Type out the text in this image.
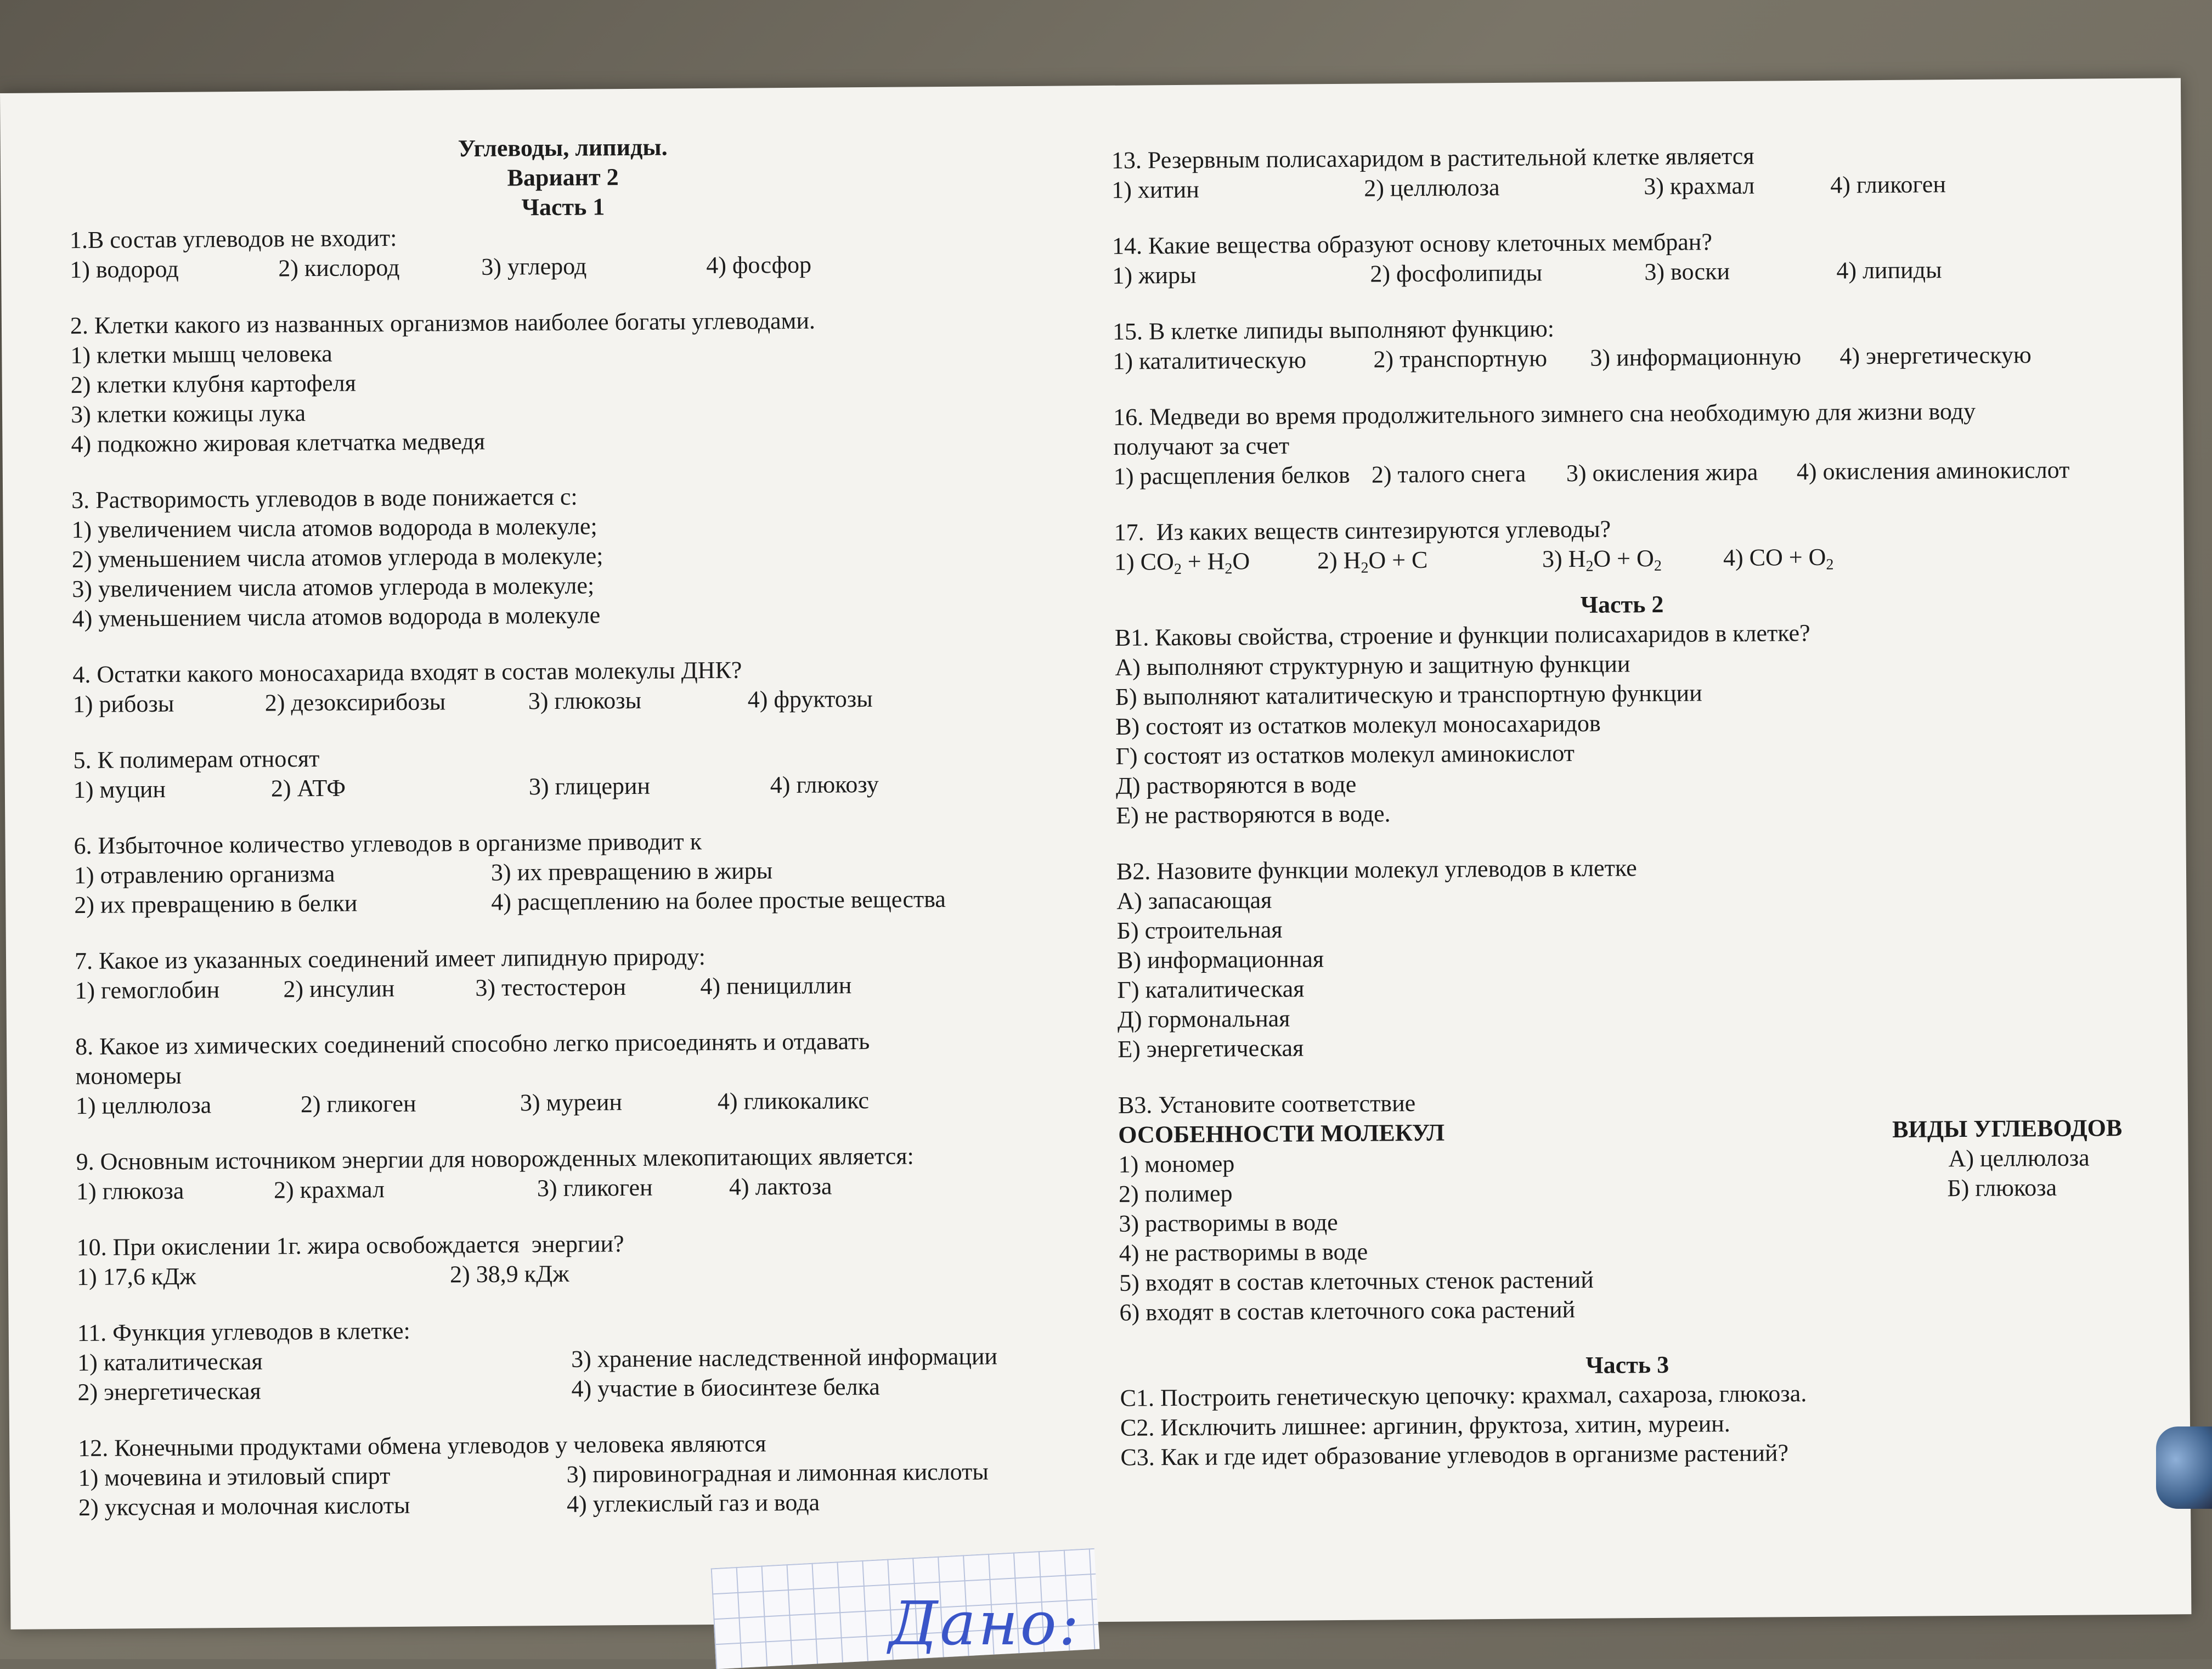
Углеводы, липиды.
Вариант 2
Часть 1
1.В состав углеводов не входит:
1) водород	2) кислород	3) углерод	4) фосфор
2. Клетки какого из названных организмов наиболее богаты углеводами.
1) клетки мышц человека
2) клетки клубня картофеля
3) клетки кожицы лука
4) подкожно жировая клетчатка медведя
3. Растворимость углеводов в воде понижается с:
1) увеличением числа атомов водорода в молекуле;
2) уменьшением числа атомов углерода в молекуле;
3) увеличением числа атомов углерода в молекуле;
4) уменьшением числа атомов водорода в молекуле
4. Остатки какого моносахарида входят в состав молекулы ДНК?
1) рибозы	2) дезоксирибозы	3) глюкозы	4) фруктозы
5. К полимерам относят
1) муцин	2) АТФ	3) глицерин	4) глюкозу
6. Избыточное количество углеводов в организме приводит к
1) отравлению организма	3) их превращению в жиры
2) их превращению в белки	4) расщеплению на более простые вещества
7. Какое из указанных соединений имеет липидную природу:
1) гемоглобин	2) инсулин	3) тестостерон	4) пенициллин
8. Какое из химических соединений способно легко присоединять и отдавать
мономеры
1) целлюлоза	2) гликоген	3) муреин	4) гликокаликс
9. Основным источником энергии для новорожденных млекопитающих является:
1) глюкоза	2) крахмал	3) гликоген	4) лактоза
10. При окислении 1г. жира освобождается  энергии?
1) 17,6 кДж	2) 38,9 кДж
11. Функция углеводов в клетке:
1) каталитическая	3) хранение наследственной информации
2) энергетическая	4) участие в биосинтезе белка
12. Конечными продуктами обмена углеводов у человека являются
1) мочевина и этиловый спирт	3) пировиноградная и лимонная кислоты
2) уксусная и молочная кислоты	4) углекислый газ и вода
13. Резервным полисахаридом в растительной клетке является
1) хитин	2) целлюлоза	3) крахмал	4) гликоген
14. Какие вещества образуют основу клеточных мембран?
1) жиры	2) фосфолипиды	3) воски	4) липиды
15. В клетке липиды выполняют функцию:
1) каталитическую	2) транспортную	3) информационную	4) энергетическую
16. Медведи во время продолжительного зимнего сна необходимую для жизни воду
получают за счет
1) расщепления белков 2) талого снега	3) окисления жира	4) окисления аминокислот
17.  Из каких веществ синтезируются углеводы?
1) $CO_2 + H_2O$	2) $H_2O + C$	3) $H_2O + O_2$	4) CO + $O_2$
Часть 2
В1. Каковы свойства, строение и функции полисахаридов в клетке?
А) выполняют структурную и защитную функции
Б) выполняют каталитическую и транспортную функции
В) состоят из остатков молекул моносахаридов
Г) состоят из остатков молекул аминокислот
Д) растворяются в воде
Е) не растворяются в воде.
В2. Назовите функции молекул углеводов в клетке
А) запасающая
Б) строительная
В) информационная
Г) каталитическая
Д) гормональная
Е) энергетическая
В3. Установите соответствие
ОСОБЕННОСТИ МОЛЕКУЛ	ВИДЫ УГЛЕВОДОВ
1) мономер	А) целлюлоза
2) полимер	Б) глюкоза
3) растворимы в воде
4) не растворимы в воде
5) входят в состав клеточных стенок растений
6) входят в состав клеточного сока растений
Часть 3
С1. Построить генетическую цепочку: крахмал, сахароза, глюкоза.
С2. Исключить лишнее: аргинин, фруктоза, хитин, муреин.
С3. Как и где идет образование углеводов в организме растений?
Дано:
